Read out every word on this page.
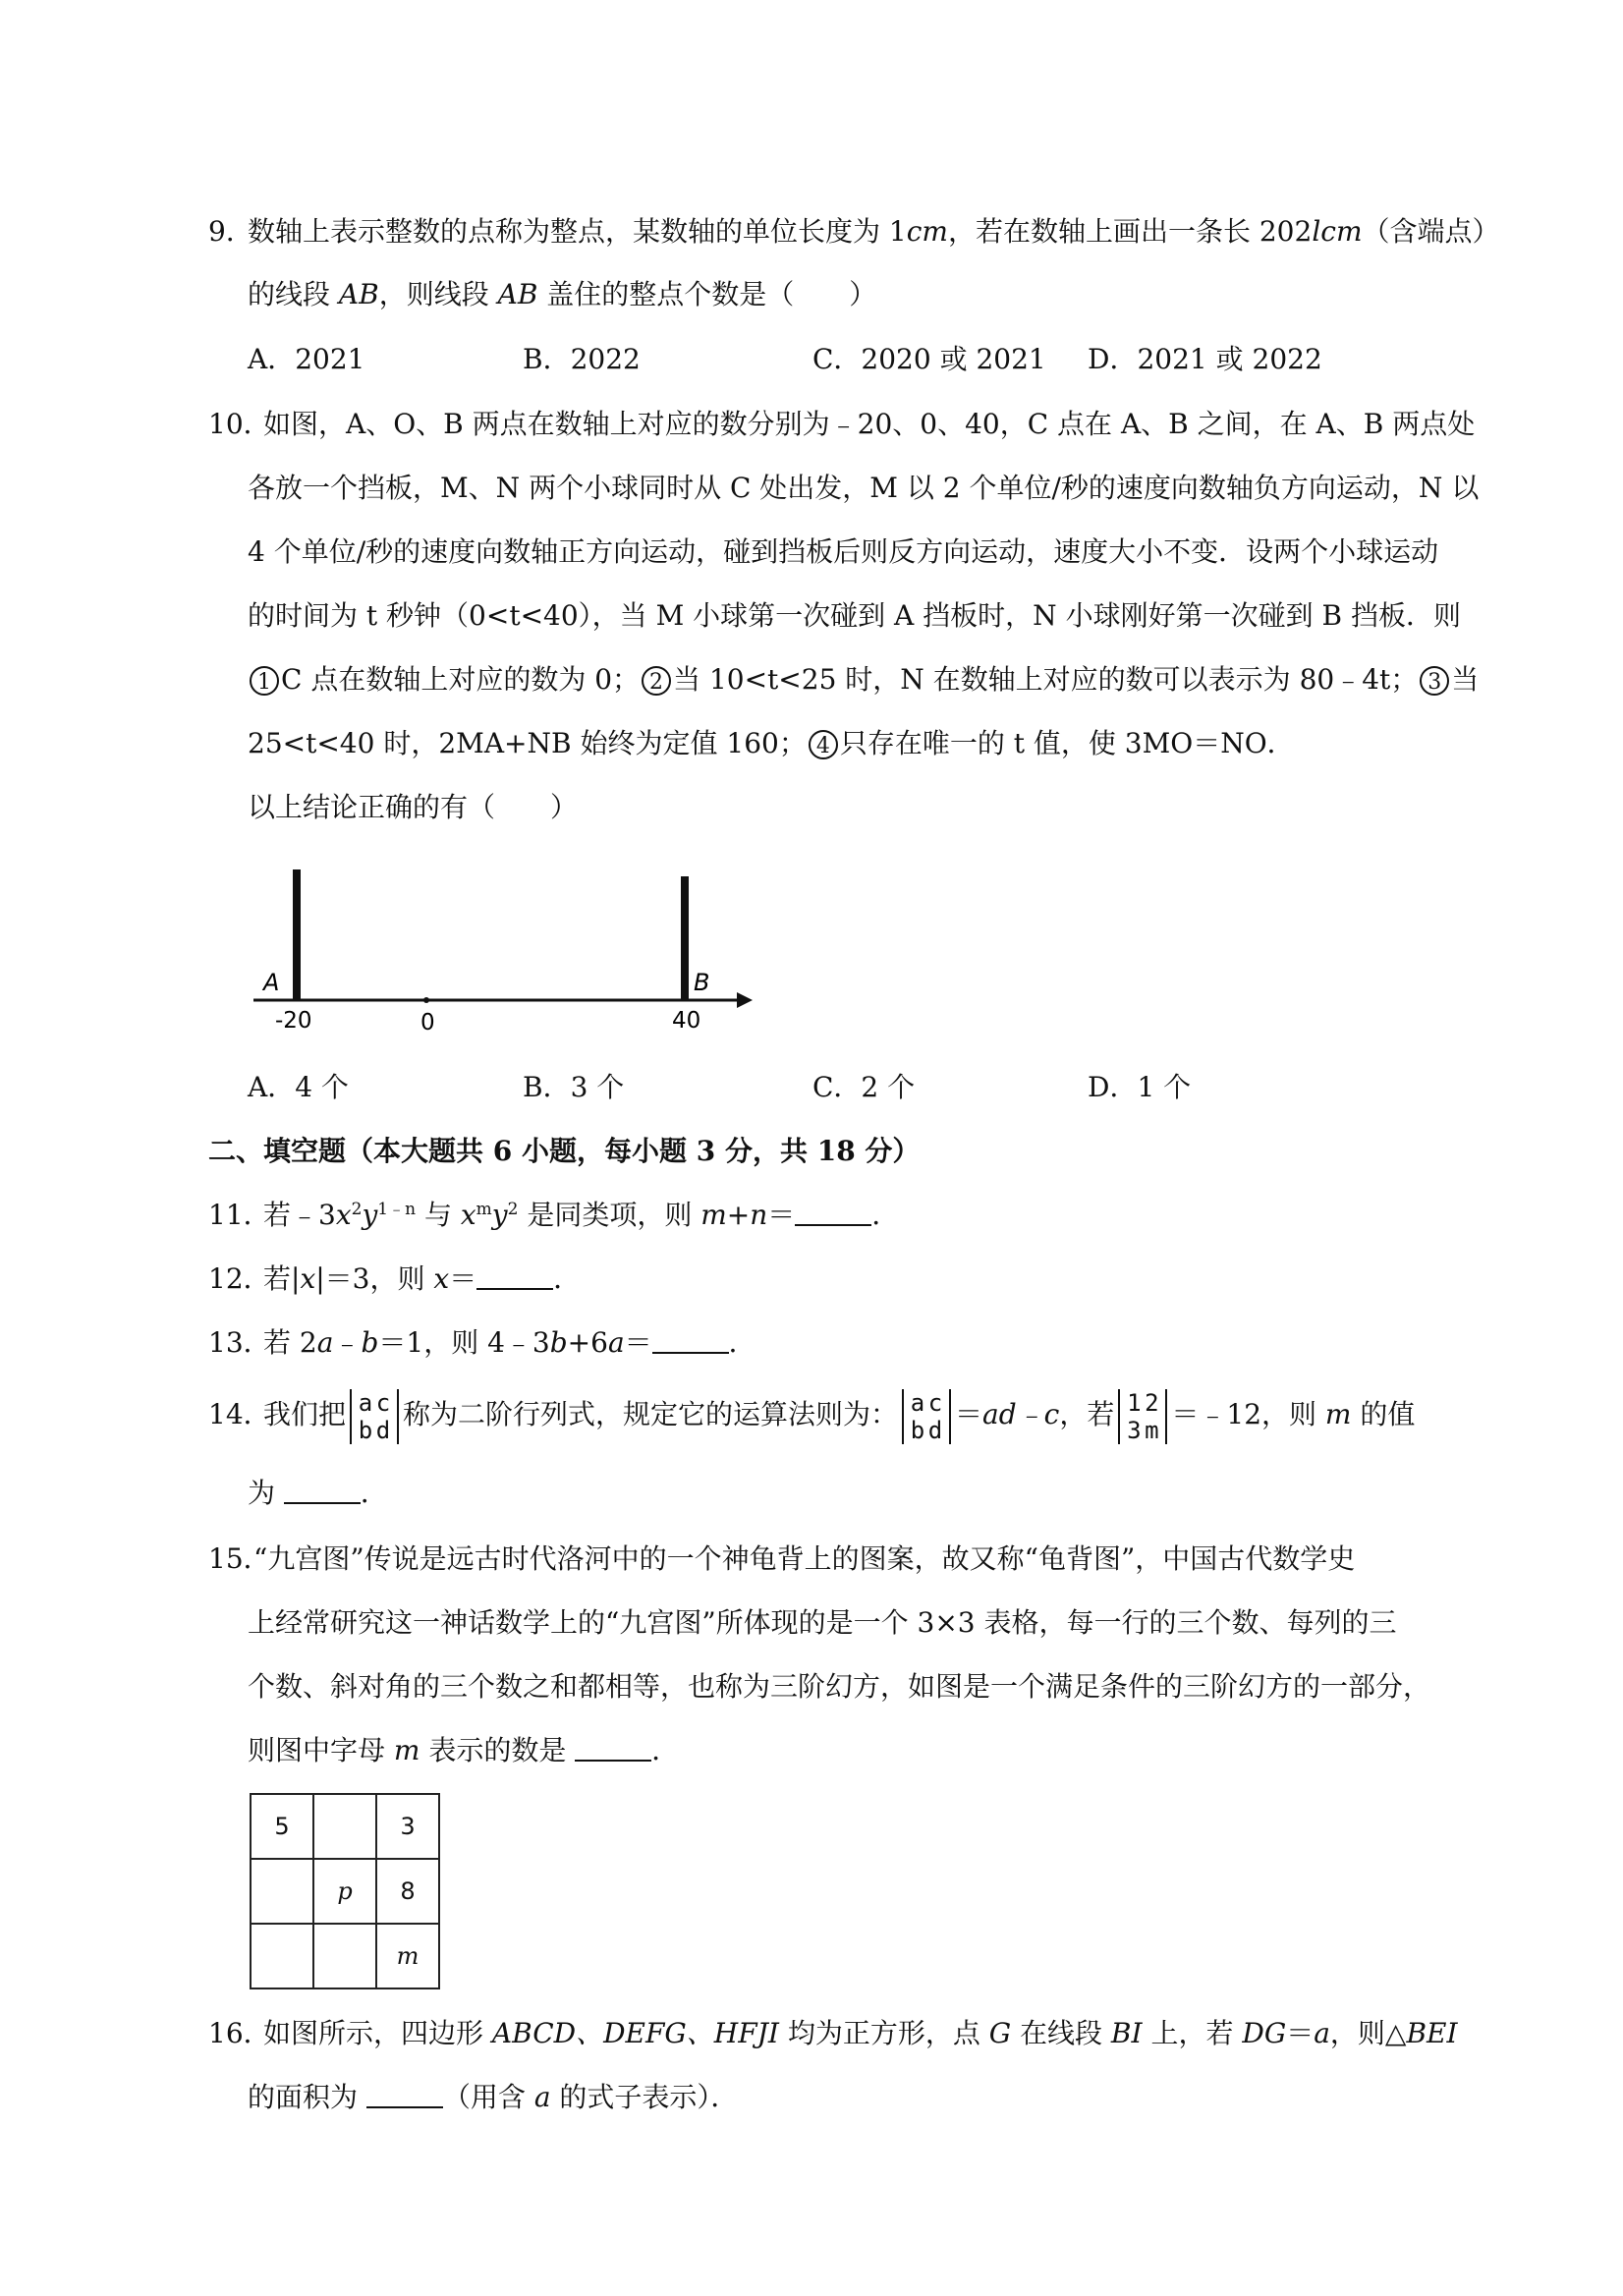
9．
数轴上表示整数的点称为整点，某数轴的单位长度为 1cm，若在数轴上画出一条长 202lcm（含端点）
的线段 AB，则线段 AB 盖住的整点个数是（　　）
A．2021	B．2022	C．2020 或 2021 D．2021 或 2022
10．
如图，A、O、B 两点在数轴上对应的数分别为﹣20、0、40，C 点在 A、B 之间，在 A、B 两点处
各放一个挡板，M、N 两个小球同时从 C 处出发，M 以 2 个单位/秒的速度向数轴负方向运动，N 以
4 个单位/秒的速度向数轴正方向运动，碰到挡板后则反方向运动，速度大小不变．设两个小球运动
的时间为 t 秒钟（0<t<40），当 M 小球第一次碰到 A 挡板时，N 小球刚好第一次碰到 B 挡板．则
1 C 点在数轴上对应的数为 0； 2 当 10<t<25 时，N 在数轴上对应的数可以表示为 80﹣4t； 3 当
25<t<40 时，2MA+NB 始终为定值 160； 4 只存在唯一的 t 值，使 3MO＝NO．
以上结论正确的有（　　）
A	B
-20	0	40
A．4 个	B．3 个	C．2 个	D．1 个
二、填空题（本大题共 6 小题，每小题 3 分，共 18 分）
11．
若$﹣3x^2y^{1﹣n}$ 与 $x^my^2$ 是同类项，则 m+n＝	．
12．
若|x|＝3，则 x＝	．
13．
若 2a﹣b＝1，则 4﹣3b+6a＝	．
14．
我们把 a c
b d 称为二阶行列式，规定它的运算法则为： a c
b d ＝ad﹣c，若 1 2
3 m ＝﹣12，则 m 的值
为	．
15．
“九宫图”传说是远古时代洛河中的一个神龟背上的图案，故又称“龟背图”，中国古代数学史
上经常研究这一神话数学上的“九宫图”所体现的是一个 3×3 表格，每一行的三个数、每列的三
个数、斜对角的三个数之和都相等，也称为三阶幻方，如图是一个满足条件的三阶幻方的一部分，
则图中字母 m 表示的数是	．
5		3
	p	8
		m
16．
如图所示，四边形 ABCD、DEFG、HFJI 均为正方形，点 G 在线段 BI 上，若 DG＝a，则△BEI
的面积为	（用含 a 的式子表示）．
